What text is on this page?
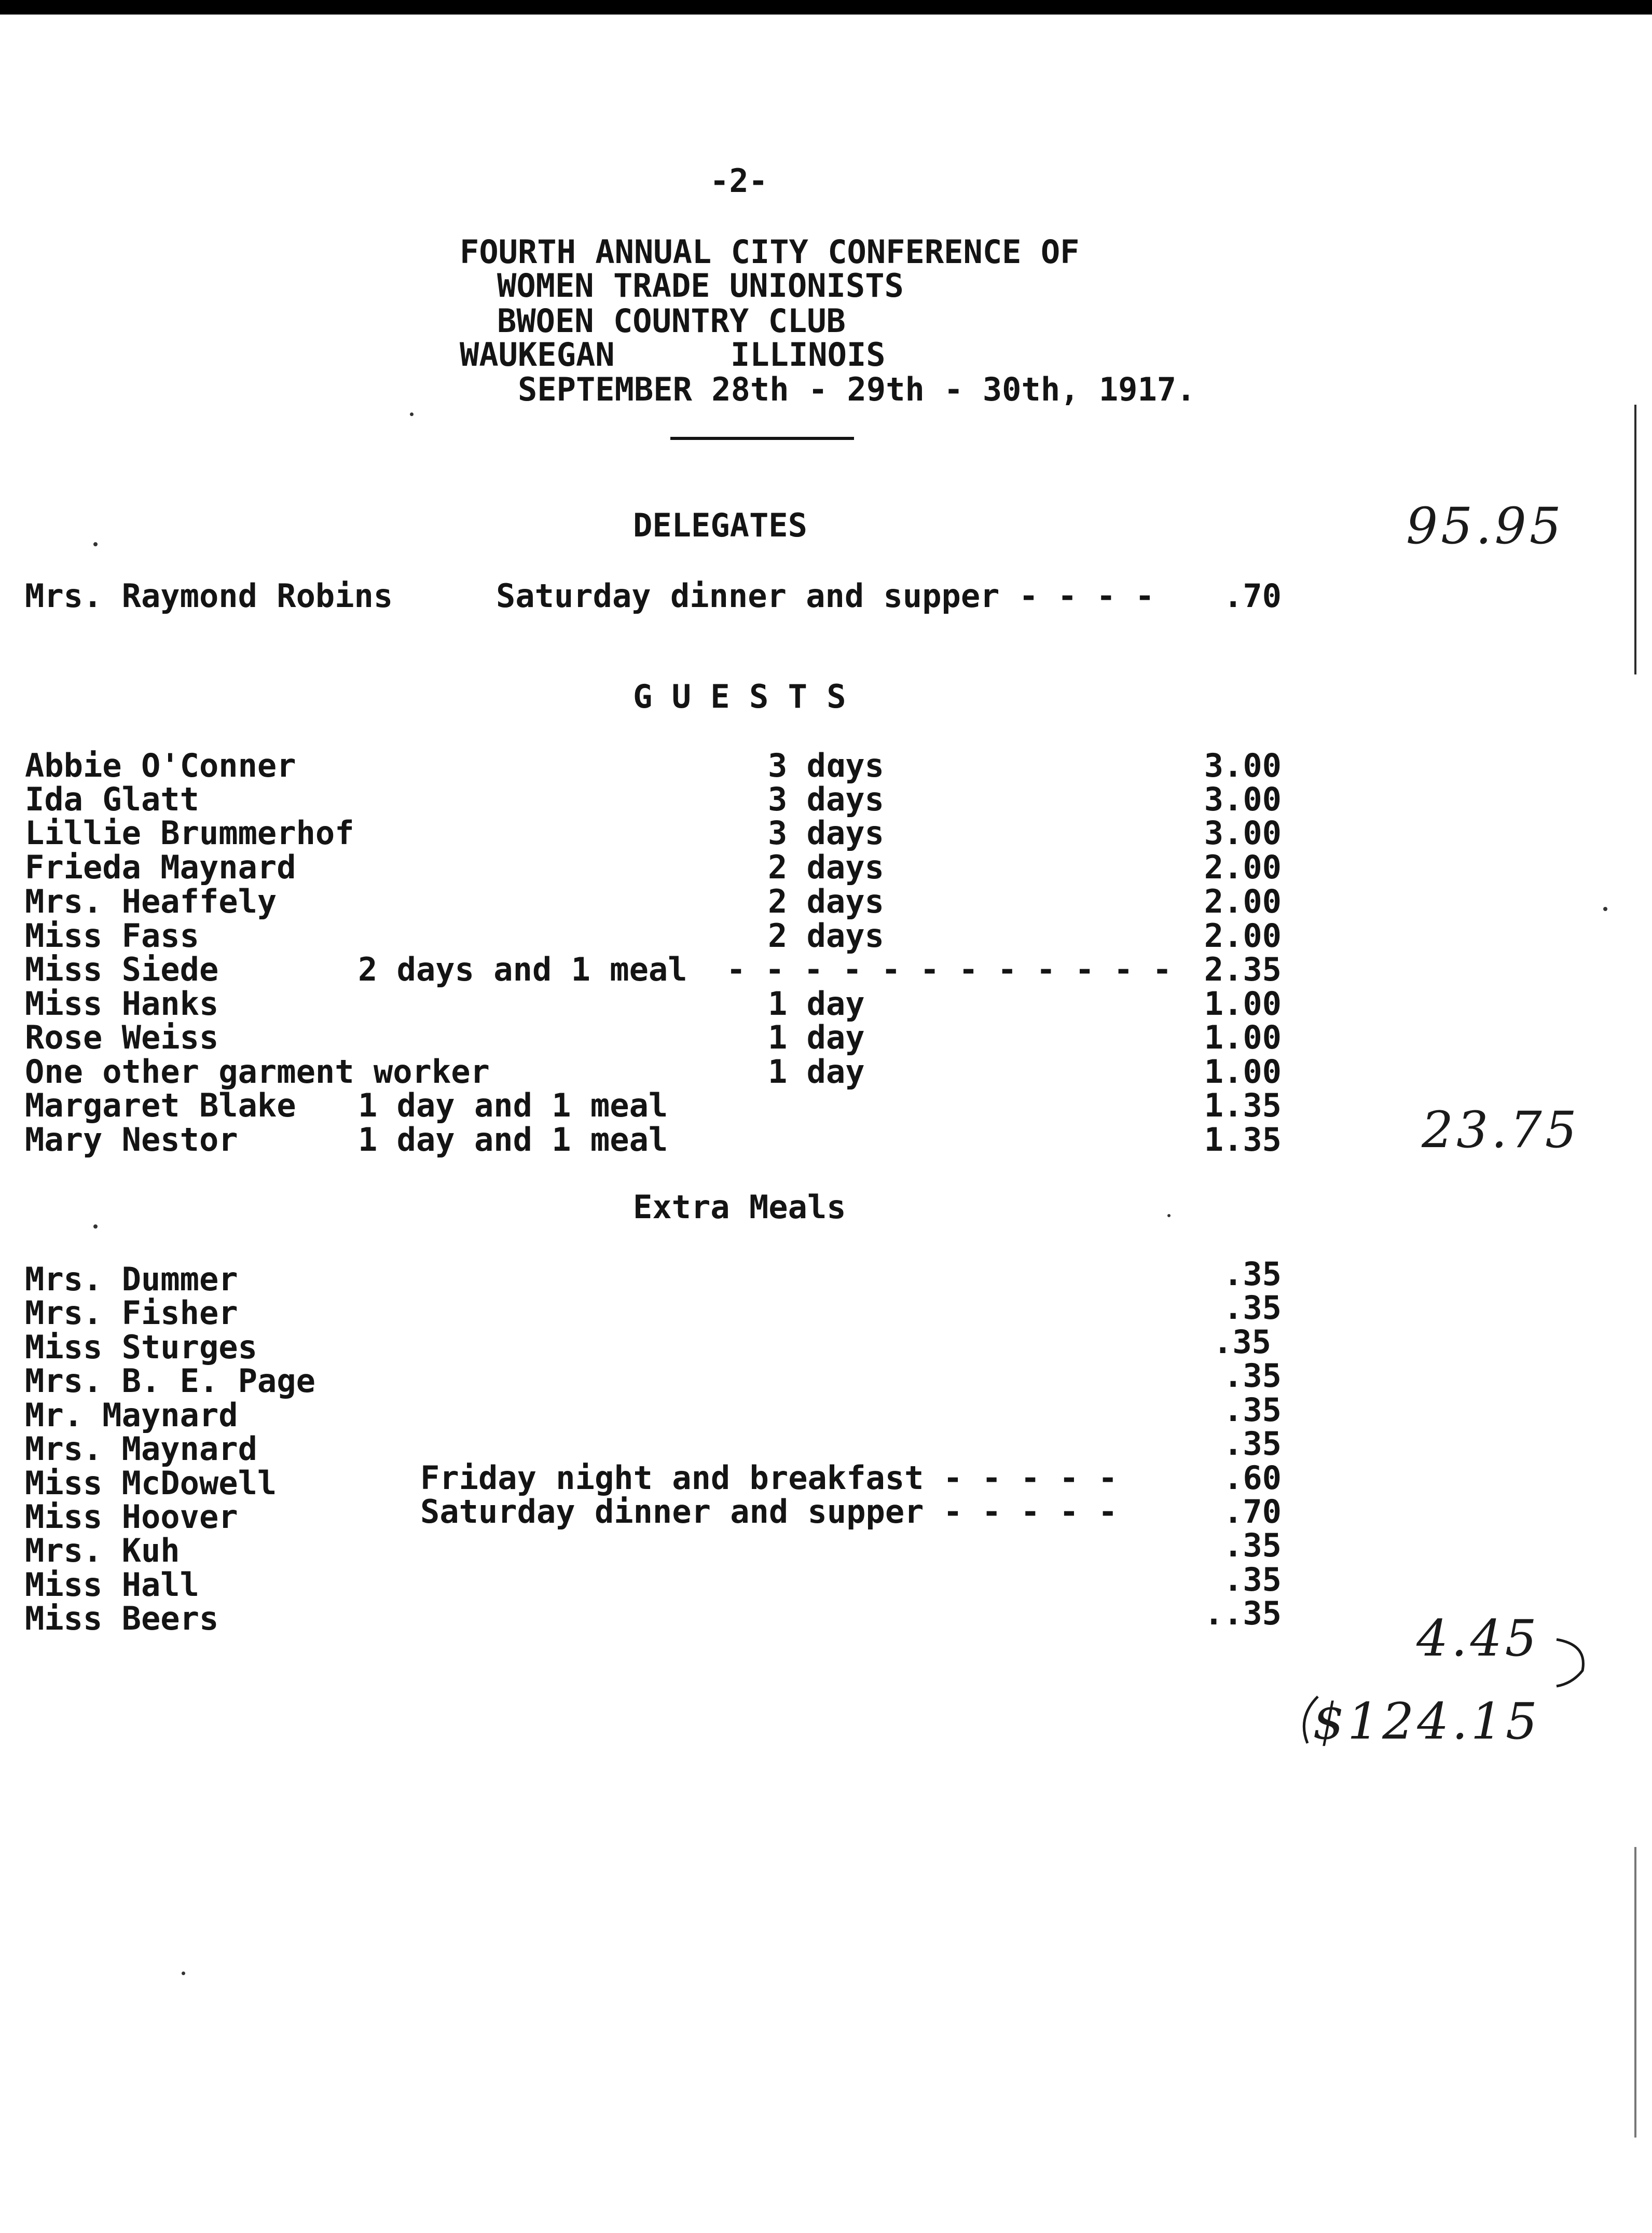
-2-
FOURTH ANNUAL CITY CONFERENCE OF
WOMEN TRADE UNIONISTS
BWOEN COUNTRY CLUB
WAUKEGAN	ILLINOIS
SEPTEMBER 28th - 29th - 30th, 1917.
DELEGATES	95.95
Mrs. Raymond Robins	Saturday dinner and supper - - - -	.70
G U E S T S
Abbie O'Conner	3 dɑys	3.00
Ida Glatt	3 days	3.00
Lillie Brummerhof	3 days	3.00
Frieda Maynard	2 days	2.00
Mrs. Heaffely	2 days	2.00
Miss Fass	2 days	2.00
Miss Siede	2 days and 1 meal - - - - - - - - - - - -	2.35
Miss Hanks	1 day	1.00
Rose Weiss	1 day	1.00
One other garment worker	1 day	1.00
Margaret Blake 1 day and 1 meal	1.35
Mary Nestor	1 day and 1 meal	1.35	23.75
Extra Meals
Mrs. Dummer	.35
Mrs. Fisher	.35
Miss Sturges	.35
Mrs. B. E. Page	.35
Mr. Maynard	.35
Mrs. Maynard	.35
Miss McDowell	Friday night and breakfast - - - - -	.60
Miss Hoover	Saturday dinner and supper - - - - -	.70
Mrs. Kuh	.35
Miss Hall	.35
Miss Beers	..35	4.45
$124.15
